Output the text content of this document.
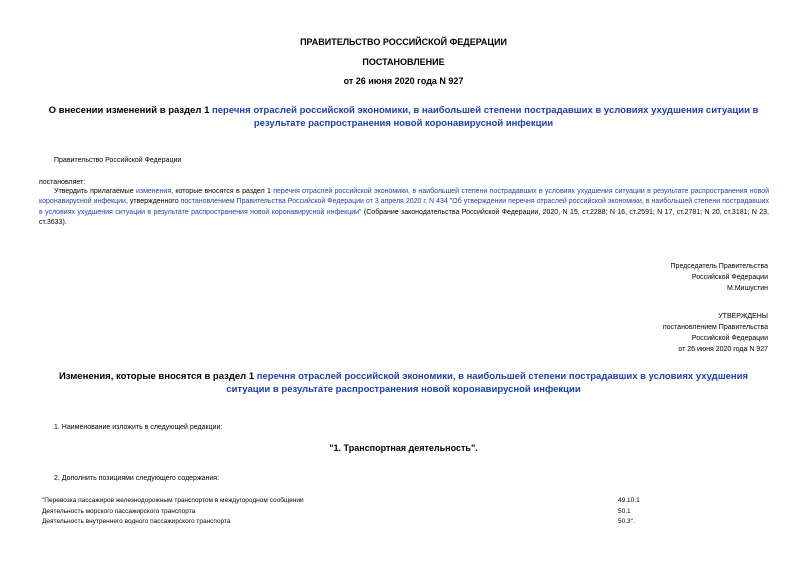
ПРАВИТЕЛЬСТВО РОССИЙСКОЙ ФЕДЕРАЦИИ
ПОСТАНОВЛЕНИЕ
от 26 июня 2020 года N 927
О внесении изменений в раздел 1 перечня отраслей российской экономики, в наибольшей степени пострадавших в условиях ухудшения ситуации в результате распространения новой коронавирусной инфекции
Правительство Российской Федерации
постановляет:
Утвердить прилагаемые изменения, которые вносятся в раздел 1 перечня отраслей российской экономики, в наибольшей степени пострадавших в условиях ухудшения ситуации в результате распространения новой коронавирусной инфекции, утвержденного постановлением Правительства Российской Федерации от 3 апреля 2020 г. N 434 "Об утверждении перечня отраслей российской экономики, в наибольшей степени пострадавших в условиях ухудшения ситуации в результате распространения новой коронавирусной инфекции" (Собрание законодательства Российской Федерации, 2020, N 15, ст.2288; N 16, ст.2591; N 17, ст.2781; N 20, ст.3181; N 23, ст.3633).
Председатель Правительства
Российской Федерации
М.Мишустин
УТВЕРЖДЕНЫ
постановлением Правительства
Российской Федерации
от 26 июня 2020 года N 927
Изменения, которые вносятся в раздел 1 перечня отраслей российской экономики, в наибольшей степени пострадавших в условиях ухудшения ситуации в результате распространения новой коронавирусной инфекции
1. Наименование изложить в следующей редакции:
"1. Транспортная деятельность".
2. Дополнить позициями следующего содержания:
"Перевозка пассажиров железнодорожным транспортом в междугородном сообщении	49.10.1
Деятельность морского пассажирского транспорта	50.1
Деятельность внутреннего водного пассажирского транспорта	50.3".
